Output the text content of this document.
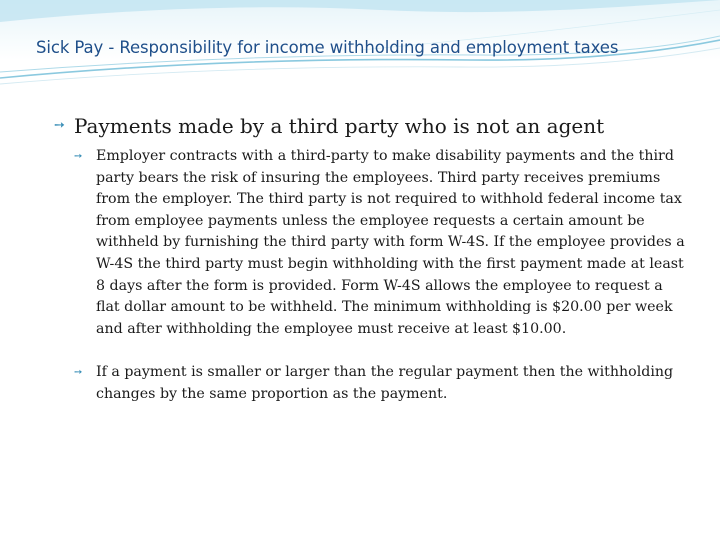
Sick Pay - Responsibility for income withholding and employment taxes
➙ Payments made by a third party who is not an agent
➙ Employer contracts with a third-party to make disability payments and the third party bears the risk of insuring the employees. Third party receives premiums from the employer. The third party is not required to withhold federal income tax from employee payments unless the employee requests a certain amount be withheld by furnishing the third party with form W-4S. If the employee provides a W-4S the third party must begin withholding with the first payment made at least 8 days after the form is provided. Form W-4S allows the employee to request a flat dollar amount to be withheld. The minimum withholding is $20.00 per week and after withholding the employee must receive at least $10.00.
➙ If a payment is smaller or larger than the regular payment then the withholding changes by the same proportion as the payment.
